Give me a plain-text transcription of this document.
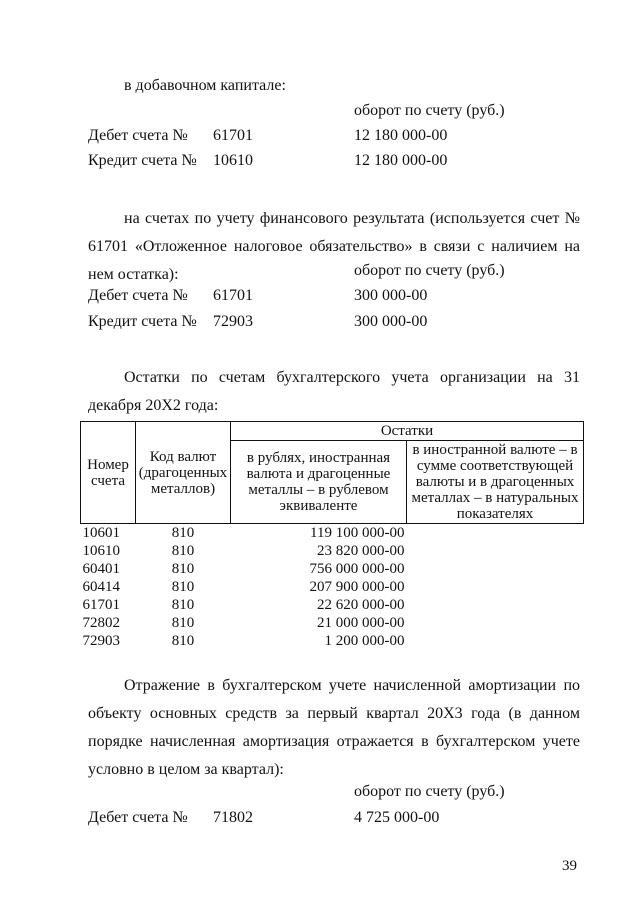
в добавочном капитале:
оборот по счету (руб.)
Дебет счета № 61701	12 180 000-00
Кредит счета № 10610	12 180 000-00
на счетах по учету финансового результата (используется счет № 61701 «Отложенное налоговое обязательство» в связи с наличием на нем остатка):	оборот по счету (руб.)
Дебет счета № 61701	300 000-00
Кредит счета № 72903	300 000-00
Остатки по счетам бухгалтерского учета организации на 31 декабря 20Х2 года:
Номер счета	Код валют (драгоценных металлов)	Остатки	
		в рублях, иностранная валюта и драгоценные металлы – в рублевом эквиваленте	в иностранной валюте – в сумме соответствующей валюты и в драгоценных металлах – в натуральных показателях
10601	810	119 100 000-00	
10610	810	23 820 000-00	
60401	810	756 000 000-00	
60414	810	207 900 000-00	
61701	810	22 620 000-00	
72802	810	21 000 000-00	
72903	810	1 200 000-00	
Отражение в бухгалтерском учете начисленной амортизации по объекту основных средств за первый квартал 20Х3 года (в данном порядке начисленная амортизация отражается в бухгалтерском учете условно в целом за квартал):
оборот по счету (руб.)
Дебет счета № 71802	4 725 000-00
39
